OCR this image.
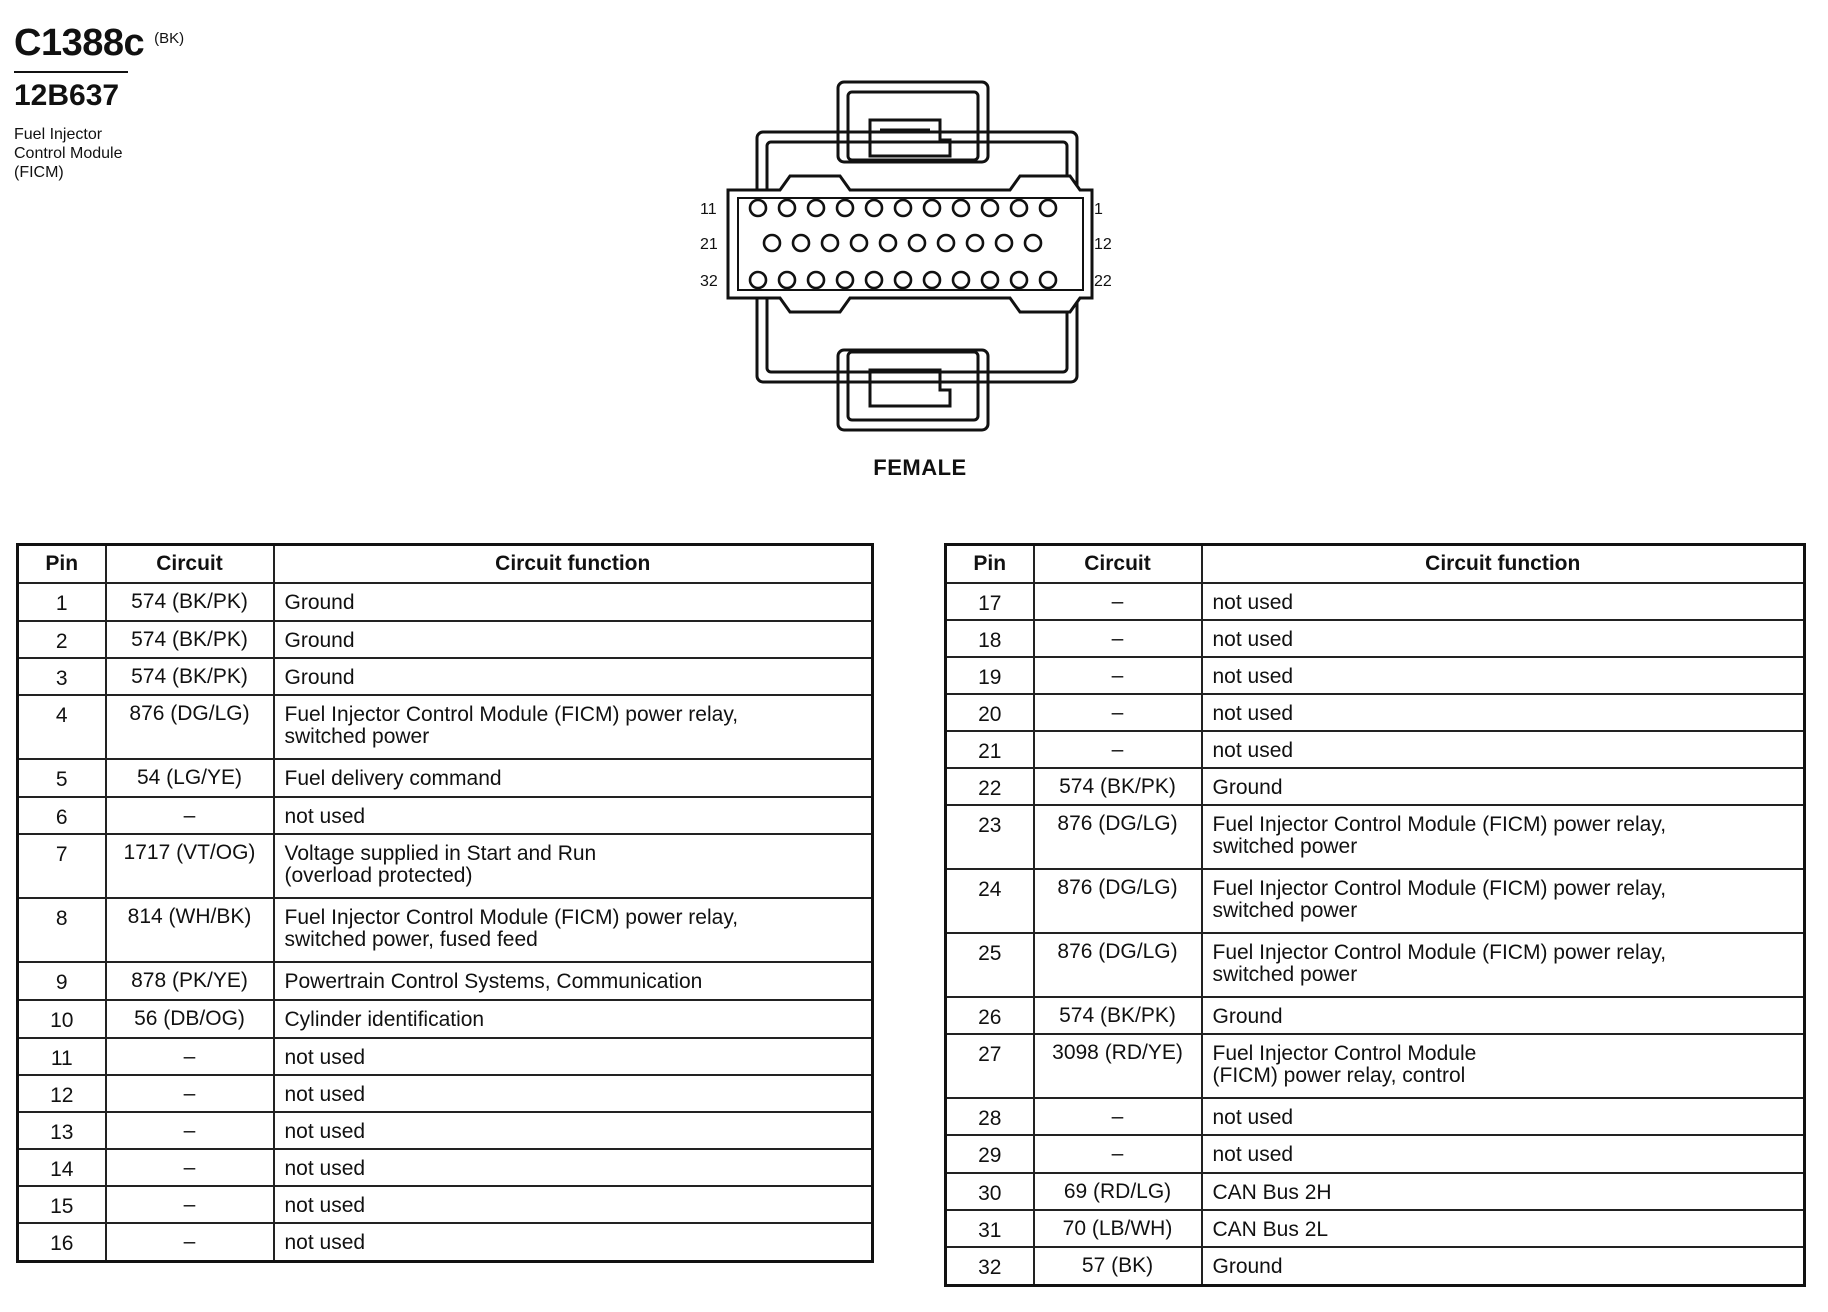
C1388c (BK)
12B637
Fuel Injector
Control Module
(FICM)
11
21
32
1
12
22
FEMALE
Pin	Circuit	Circuit function
1	574 (BK/PK)	Ground
2	574 (BK/PK)	Ground
3	574 (BK/PK)	Ground
4	876 (DG/LG)	Fuel Injector Control Module (FICM) power relay,
switched power
5	54 (LG/YE)	Fuel delivery command
6	–	not used
7	1717 (VT/OG)	Voltage supplied in Start and Run
(overload protected)
8	814 (WH/BK)	Fuel Injector Control Module (FICM) power relay,
switched power, fused feed
9	878 (PK/YE)	Powertrain Control Systems, Communication
10	56 (DB/OG)	Cylinder identification
11	–	not used
12	–	not used
13	–	not used
14	–	not used
15	–	not used
16	–	not used
Pin	Circuit	Circuit function
17	–	not used
18	–	not used
19	–	not used
20	–	not used
21	–	not used
22	574 (BK/PK)	Ground
23	876 (DG/LG)	Fuel Injector Control Module (FICM) power relay,
switched power
24	876 (DG/LG)	Fuel Injector Control Module (FICM) power relay,
switched power
25	876 (DG/LG)	Fuel Injector Control Module (FICM) power relay,
switched power
26	574 (BK/PK)	Ground
27	3098 (RD/YE)	Fuel Injector Control Module
(FICM) power relay, control
28	–	not used
29	–	not used
30	69 (RD/LG)	CAN Bus 2H
31	70 (LB/WH)	CAN Bus 2L
32	57 (BK)	Ground
